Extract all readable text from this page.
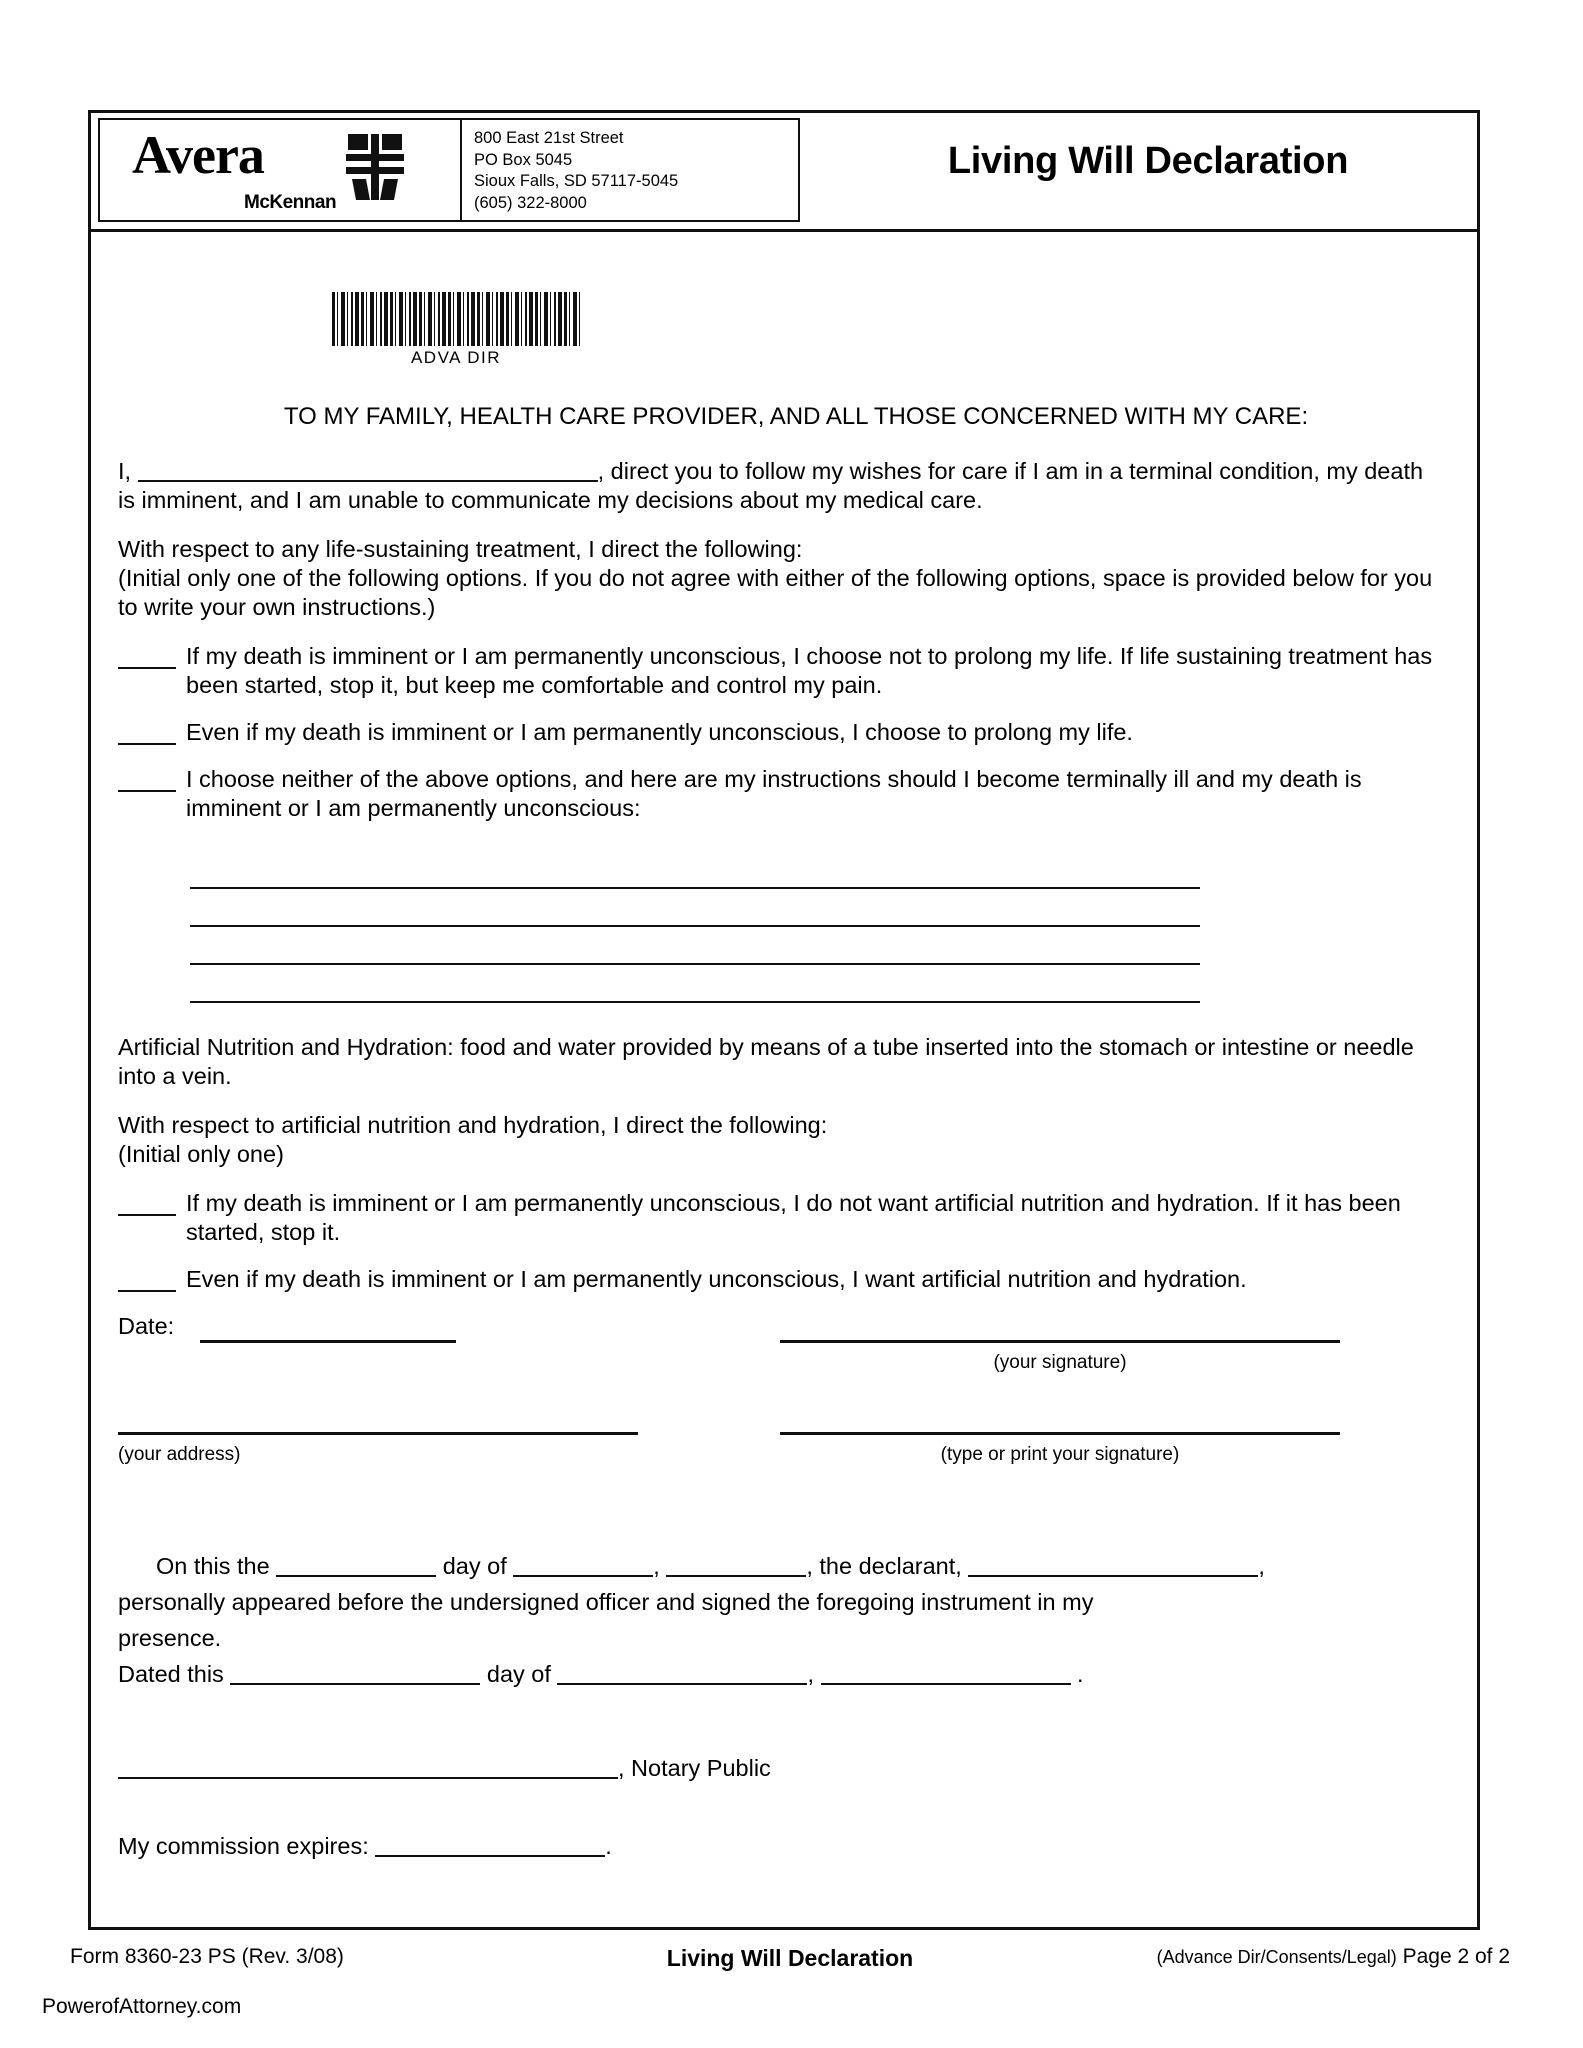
Avera
McKennan
800 East 21st Street
PO Box 5045
Sioux Falls, SD 57117-5045
(605) 322-8000
Living Will Declaration
ADVA DIR
TO MY FAMILY, HEALTH CARE PROVIDER, AND ALL THOSE CONCERNED WITH MY CARE:

I,	, direct you to follow my wishes for care if I am in a terminal condition, my death is imminent, and I am unable to communicate my decisions about my medical care.

With respect to any life-sustaining treatment, I direct the following:

(Initial only one of the following options. If you do not agree with either of the following options, space is provided below for you to write your own instructions.)

If my death is imminent or I am permanently unconscious, I choose not to prolong my life. If life sustaining treatment has been started, stop it, but keep me comfortable and control my pain.
Even if my death is imminent or I am permanently unconscious, I choose to prolong my life.
I choose neither of the above options, and here are my instructions should I become terminally ill and my death is imminent or I am permanently unconscious:

Artificial Nutrition and Hydration: food and water provided by means of a tube inserted into the stomach or intestine or needle into a vein.

With respect to artificial nutrition and hydration, I direct the following:

(Initial only one)

If my death is imminent or I am permanently unconscious, I do not want artificial nutrition and hydration. If it has been started, stop it.
Even if my death is imminent or I am permanently unconscious, I want artificial nutrition and hydration.
Date:
(your signature)
(your address)	(type or print your signature)

On this the	day of	,	, the declarant,	,

personally appeared before the undersigned officer and signed the foregoing instrument in my

presence.

Dated this	day of	,	.

, Notary Public

My commission expires:	.

Form 8360-23 PS (Rev. 3/08)	Living Will Declaration	(Advance Dir/Consents/Legal) Page 2 of 2
PowerofAttorney.com
